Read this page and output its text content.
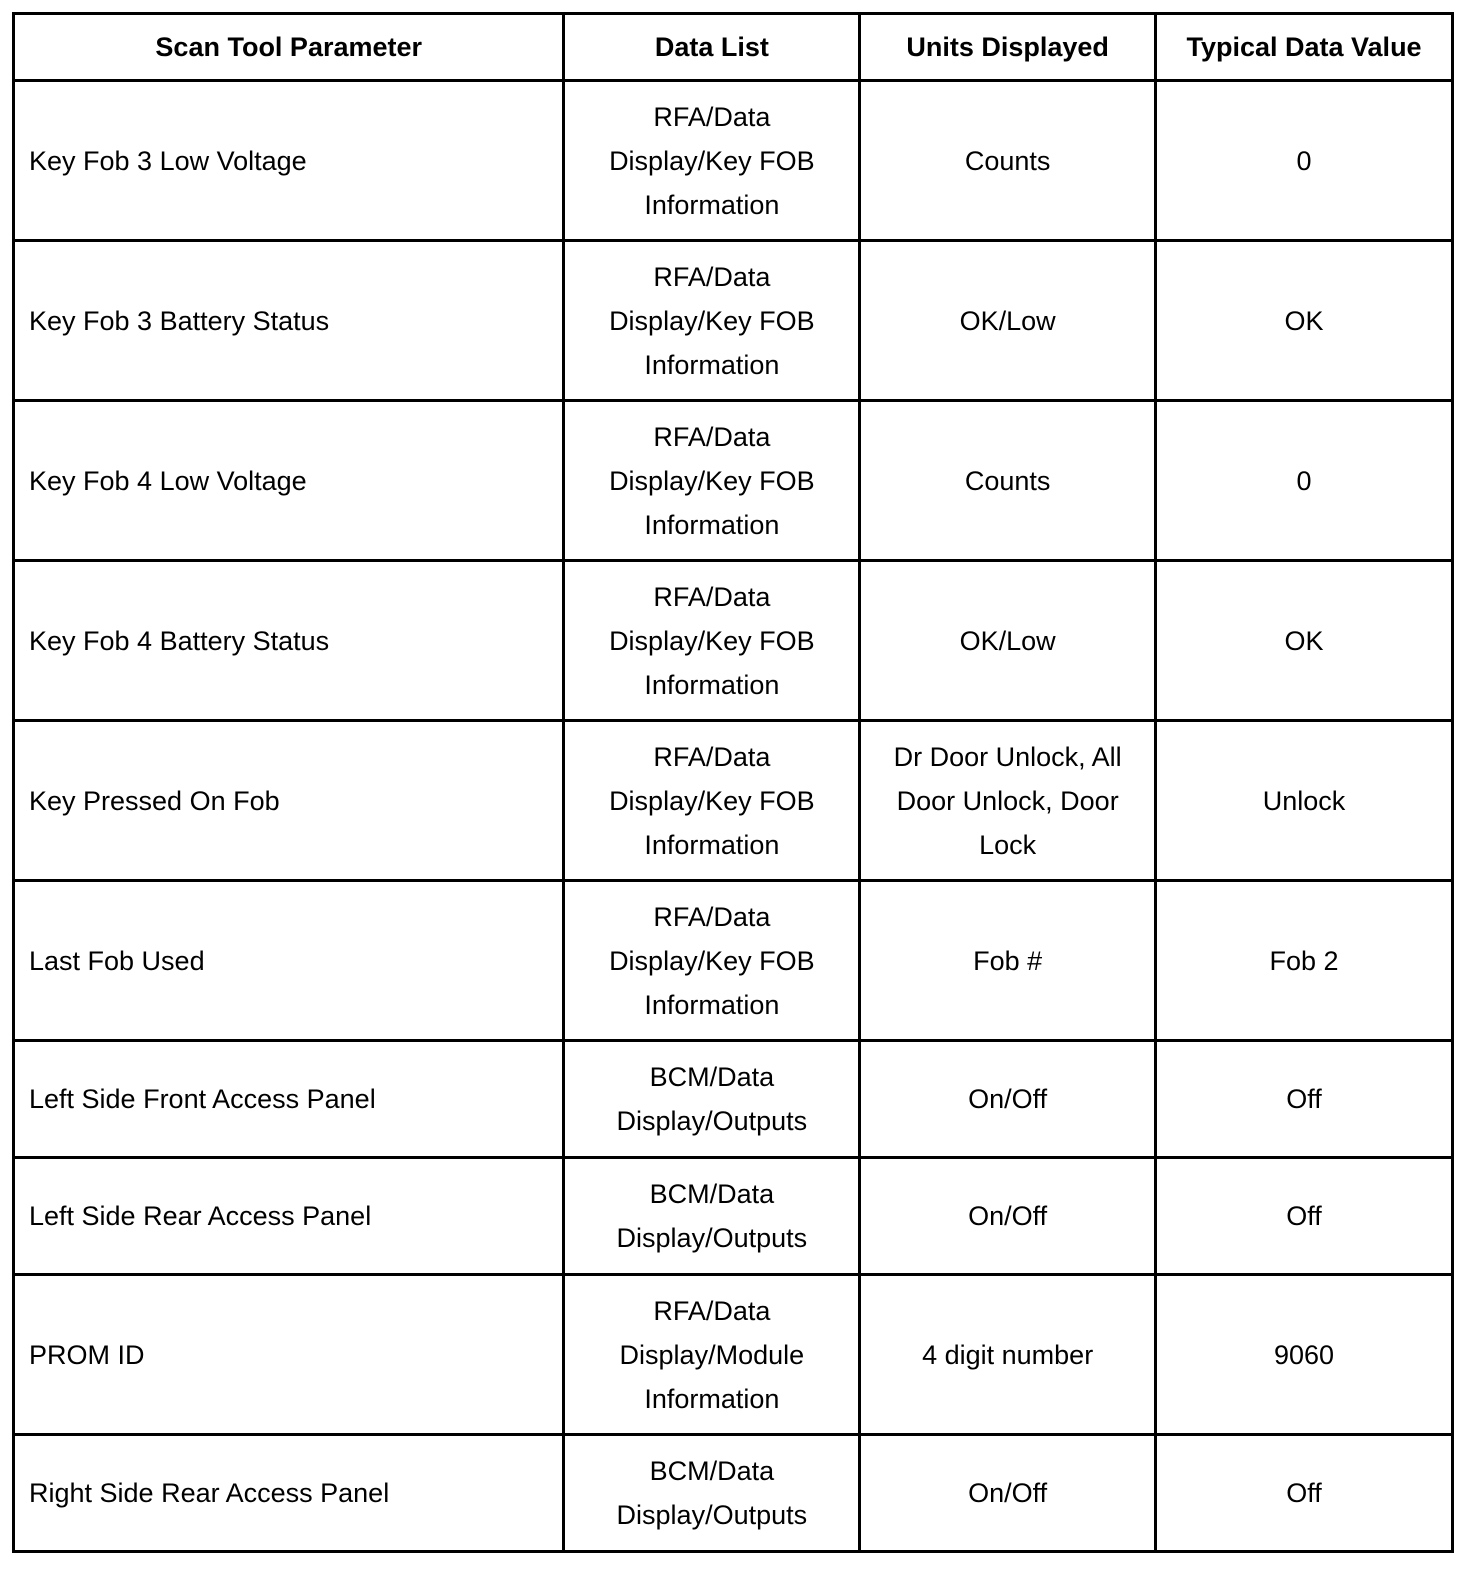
Scan Tool Parameter	Data List	Units Displayed	Typical Data Value
Key Fob 3 Low Voltage	RFA/Data Display/Key FOB Information	Counts	0
Key Fob 3 Battery Status	RFA/Data Display/Key FOB Information	OK/Low	OK
Key Fob 4 Low Voltage	RFA/Data Display/Key FOB Information	Counts	0
Key Fob 4 Battery Status	RFA/Data Display/Key FOB Information	OK/Low	OK
Key Pressed On Fob	RFA/Data Display/Key FOB Information	Dr Door Unlock, All Door Unlock, Door Lock	Unlock
Last Fob Used	RFA/Data Display/Key FOB Information	Fob #	Fob 2
Left Side Front Access Panel	BCM/Data Display/Outputs	On/Off	Off
Left Side Rear Access Panel	BCM/Data Display/Outputs	On/Off	Off
PROM ID	RFA/Data Display/Module Information	4 digit number	9060
Right Side Rear Access Panel	BCM/Data Display/Outputs	On/Off	Off
